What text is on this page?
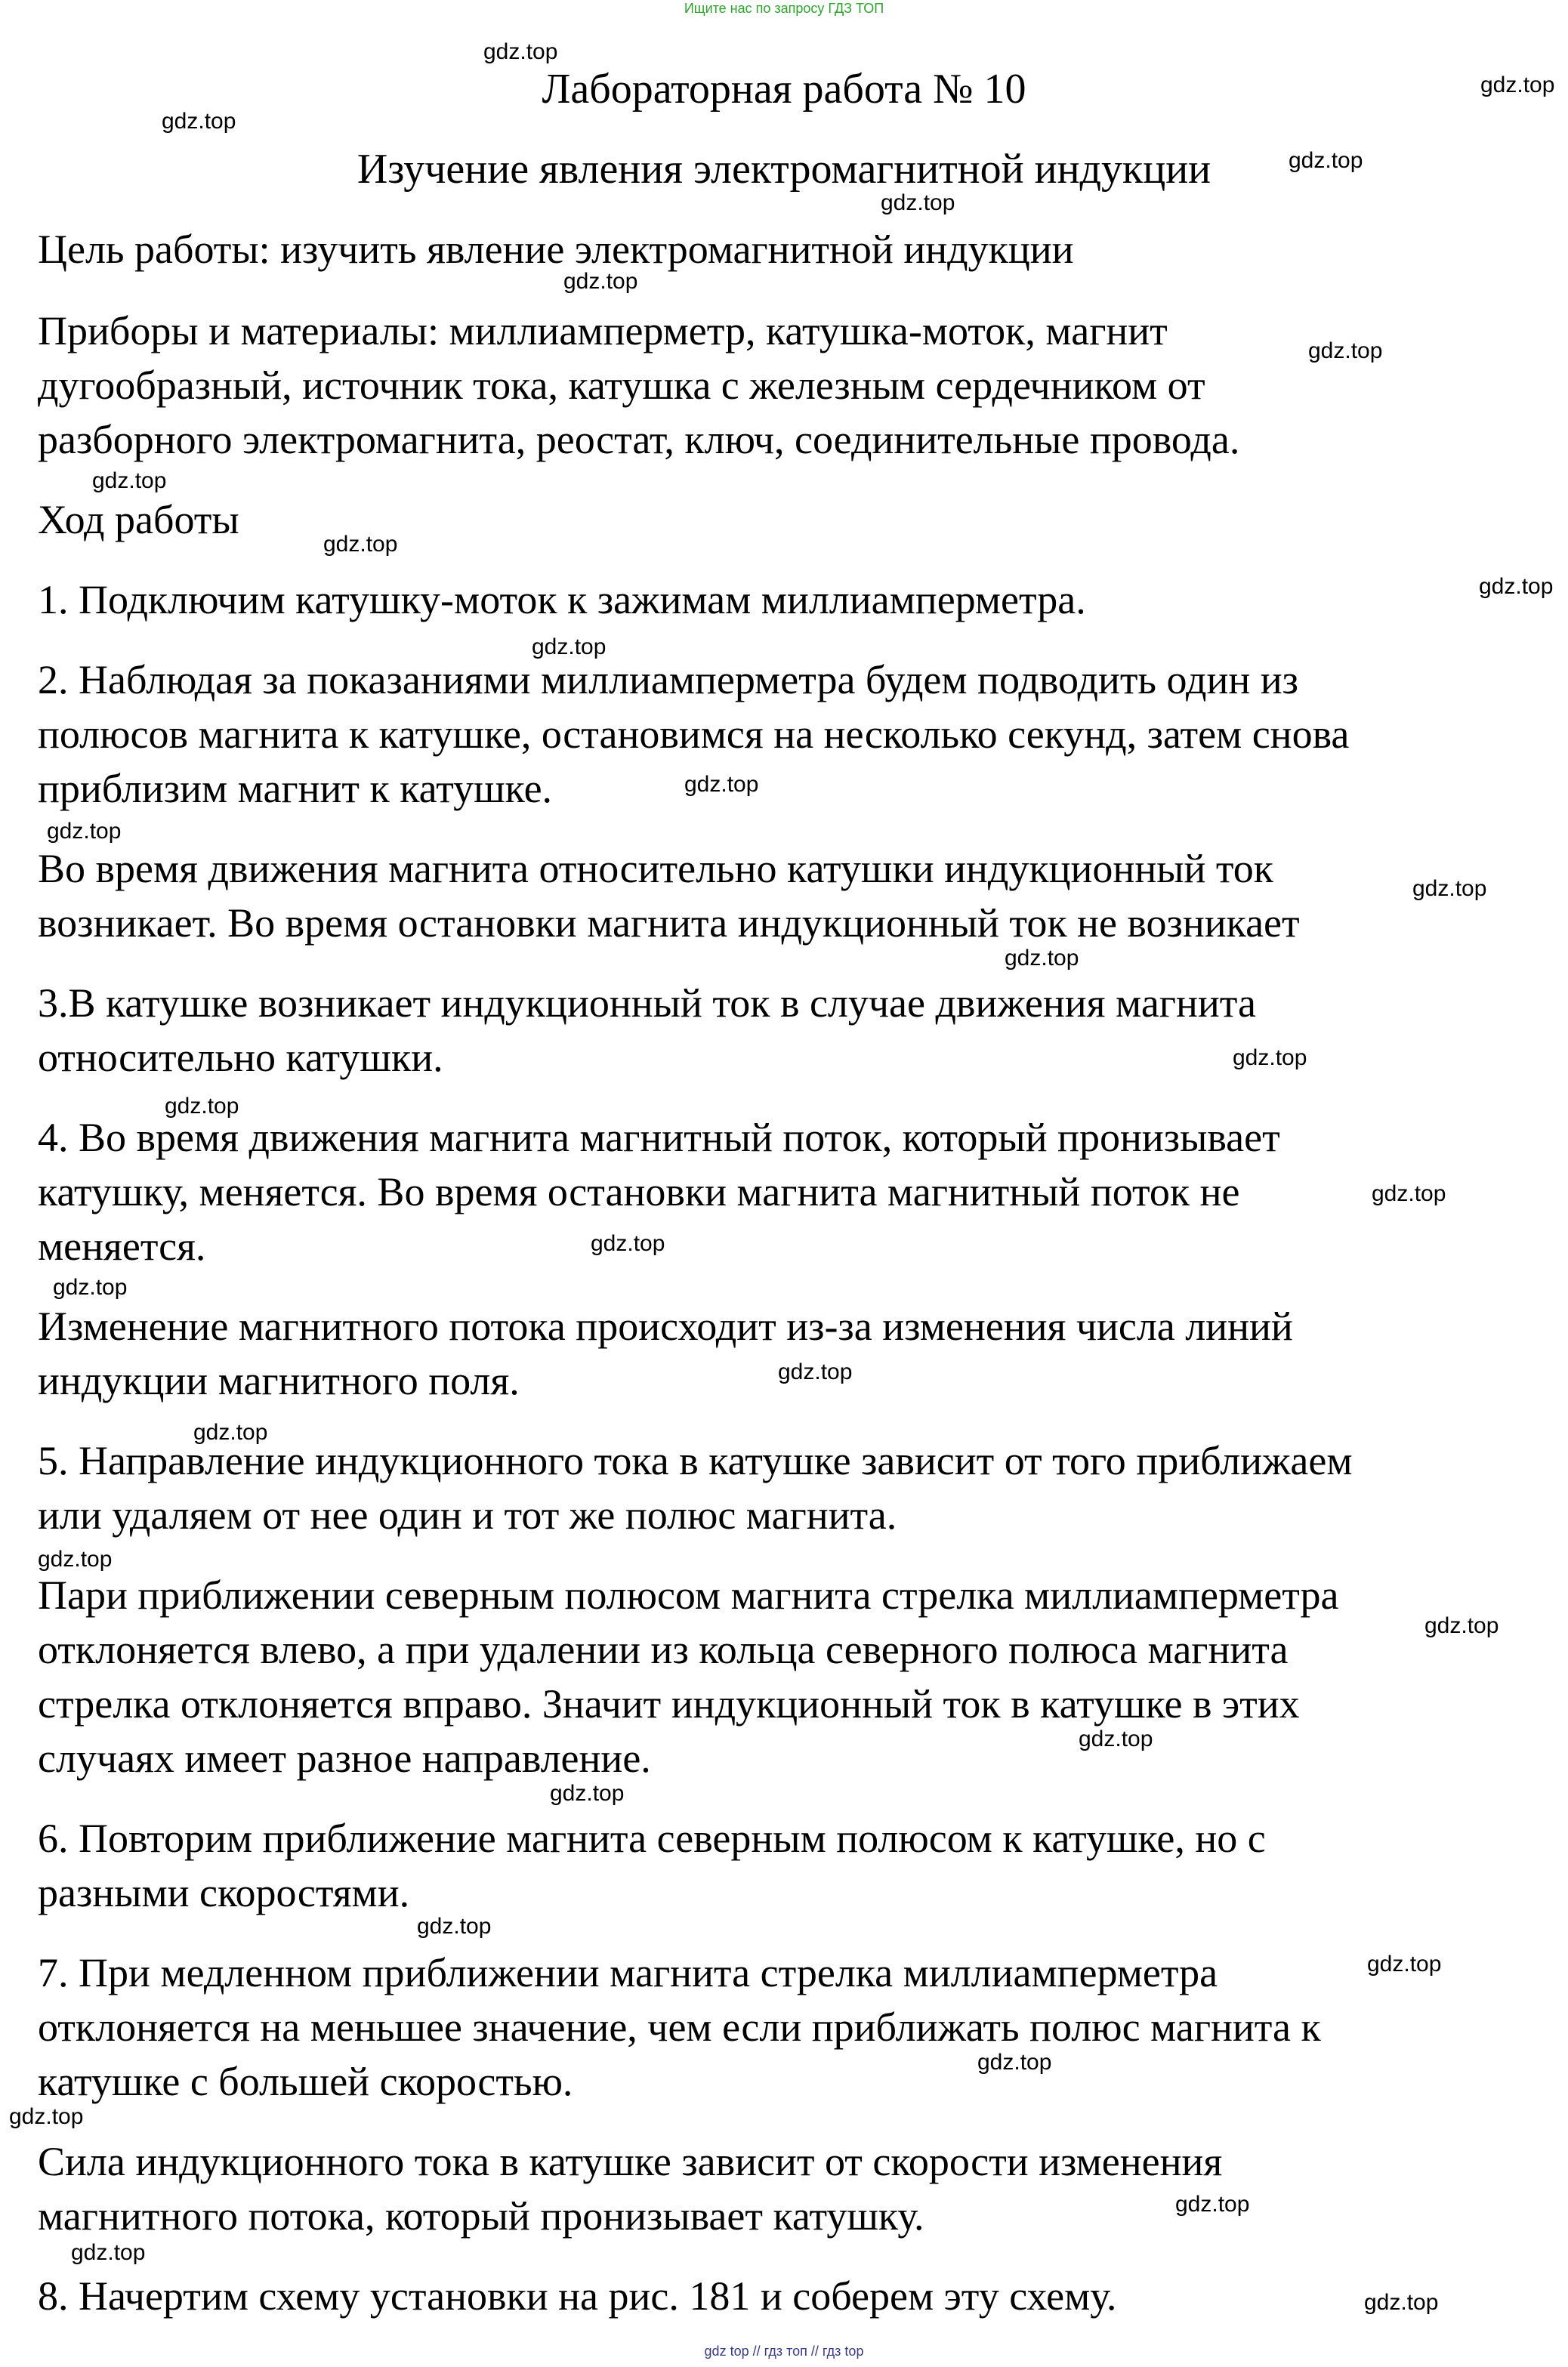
Ищите нас по запросу ГДЗ ТОП
Лабораторная работа № 10
Изучение явления электромагнитной индукции
Цель работы: изучить явление электромагнитной индукции
Приборы и материалы: миллиамперметр, катушка-моток, магнит
дугообразный, источник тока, катушка с железным сердечником от
разборного электромагнита, реостат, ключ, соединительные провода.
Ход работы
1. Подключим катушку-моток к зажимам миллиамперметра.
2. Наблюдая за показаниями миллиамперметра будем подводить один из
полюсов магнита к катушке, остановимся на несколько секунд, затем снова
приблизим магнит к катушке.
Во время движения магнита относительно катушки индукционный ток
возникает. Во время остановки магнита индукционный ток не возникает
3.В катушке возникает индукционный ток в случае движения магнита
относительно катушки.
4. Во время движения магнита магнитный поток, который пронизывает
катушку, меняется. Во время остановки магнита магнитный поток не
меняется.
Изменение магнитного потока происходит из-за изменения числа линий
индукции магнитного поля.
5. Направление индукционного тока в катушке зависит от того приближаем
или удаляем от нее один и тот же полюс магнита.
Пари приближении северным полюсом магнита стрелка миллиамперметра
отклоняется влево, а при удалении из кольца северного полюса магнита
стрелка отклоняется вправо. Значит индукционный ток в катушке в этих
случаях имеет разное направление.
6. Повторим приближение магнита северным полюсом к катушке, но с
разными скоростями.
7. При медленном приближении магнита стрелка миллиамперметра
отклоняется на меньшее значение, чем если приближать полюс магнита к
катушке с большей скоростью.
Сила индукционного тока в катушке зависит от скорости изменения
магнитного потока, который пронизывает катушку.
8. Начертим схему установки на рис. 181 и соберем эту схему.
gdz.top
gdz.top
gdz.top
gdz.top
gdz.top
gdz.top
gdz.top
gdz.top
gdz.top
gdz.top
gdz.top
gdz.top
gdz.top
gdz.top
gdz.top
gdz.top
gdz.top
gdz.top
gdz.top
gdz.top
gdz.top
gdz.top
gdz.top
gdz.top
gdz.top
gdz.top
gdz.top
gdz.top
gdz.top
gdz.top
gdz.top
gdz.top
gdz.top
gdz top // гдз топ // гдз top
